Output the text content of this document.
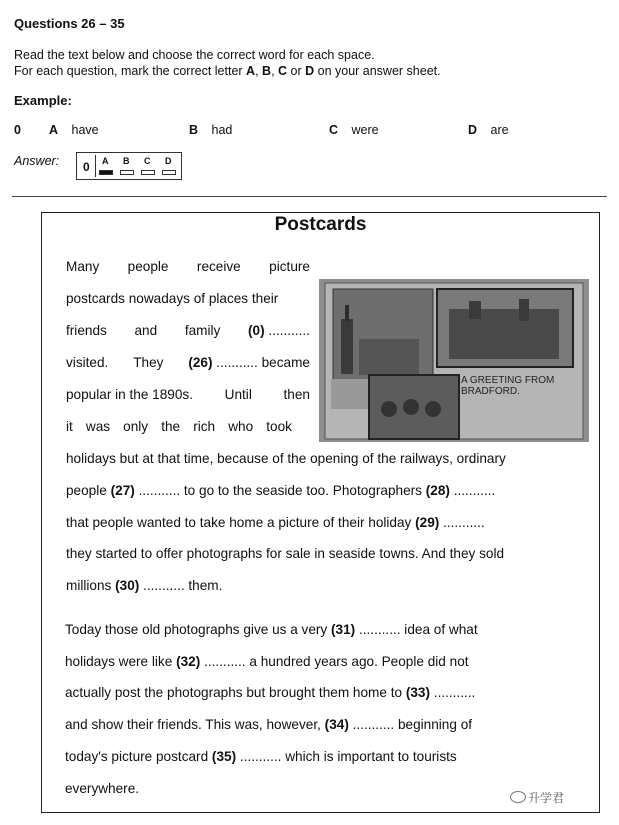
Questions 26 – 35
Read the text below and choose the correct word for each space.
For each question, mark the correct letter A, B, C or D on your answer sheet.
Example:
0 A have	B had	C were	D are
Answer: 0 A B C D
Postcards
Many people receive picture
postcards nowadays of places their
friends and family (0) ...........
visited. They (26) ........... became
popular in the 1890s. Until then
it was only the rich who took
A GREETING FROM BRADFORD.
holidays but at that time, because of the opening of the railways, ordinary
people (27) ........... to go to the seaside too. Photographers (28) ...........
that people wanted to take home a picture of their holiday (29) ...........
they started to offer photographs for sale in seaside towns. And they sold
millions (30) ........... them.
Today those old photographs give us a very (31) ........... idea of what
holidays were like (32) ........... a hundred years ago. People did not
actually post the photographs but brought them home to (33) ...........
and show their friends. This was, however, (34) ........... beginning of
today's picture postcard (35) ........... which is important to tourists
everywhere.
升学君
